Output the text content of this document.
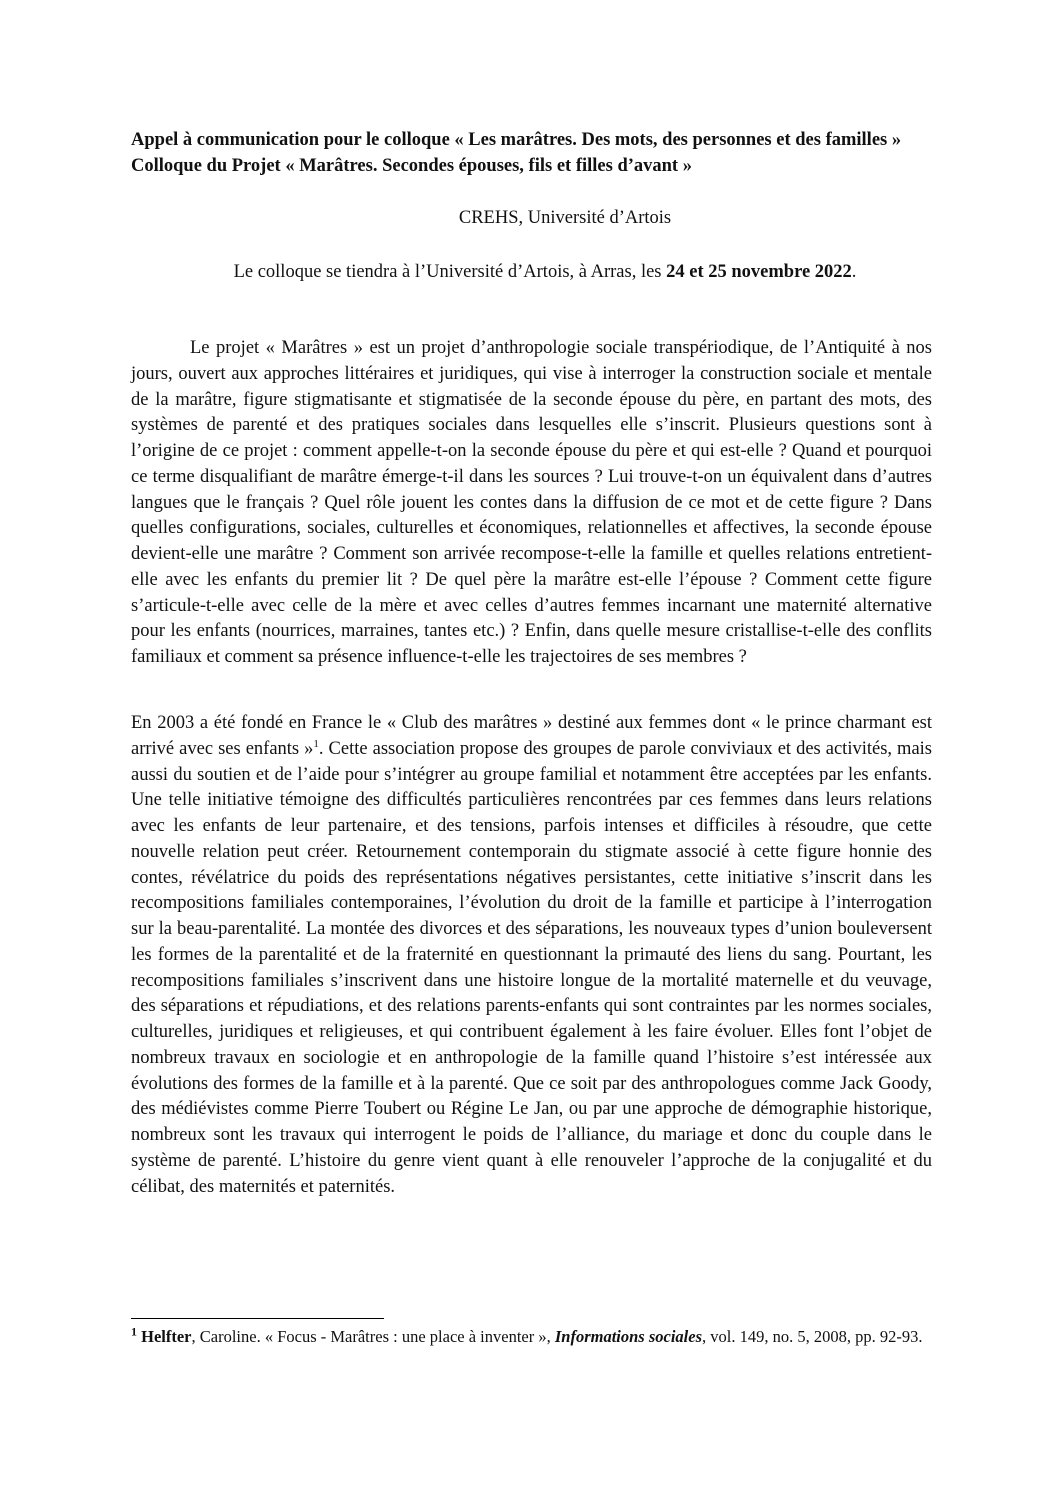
Appel à communication pour le colloque « Les marâtres. Des mots, des personnes et des familles »
Colloque du Projet « Marâtres. Secondes épouses, fils et filles d’avant »
CREHS, Université d’Artois
Le colloque se tiendra à l’Université d’Artois, à Arras, les 24 et 25 novembre 2022.

Le projet « Marâtres » est un projet d’anthropologie sociale transpériodique, de l’Antiquité à nos jours, ouvert aux approches littéraires et juridiques, qui vise à interroger la construction sociale et mentale de la marâtre, figure stigmatisante et stigmatisée de la seconde épouse du père, en partant des mots, des systèmes de parenté et des pratiques sociales dans lesquelles elle s’inscrit. Plusieurs questions sont à l’origine de ce projet : comment appelle-t-on la seconde épouse du père et qui est-elle ? Quand et pourquoi ce terme disqualifiant de marâtre émerge-t-il dans les sources ? Lui trouve-t-on un équivalent dans d’autres langues que le français ? Quel rôle jouent les contes dans la diffusion de ce mot et de cette figure ? Dans quelles configurations, sociales, culturelles et économiques, relationnelles et affectives, la seconde épouse devient-elle une marâtre ? Comment son arrivée recompose-t-elle la famille et quelles relations entretient-elle avec les enfants du premier lit ? De quel père la marâtre est-elle l’épouse ? Comment cette figure s’articule-t-elle avec celle de la mère et avec celles d’autres femmes incarnant une maternité alternative pour les enfants (nourrices, marraines, tantes etc.) ? Enfin, dans quelle mesure cristallise-t-elle des conflits familiaux et comment sa présence influence-t-elle les trajectoires de ses membres ?

En 2003 a été fondé en France le « Club des marâtres » destiné aux femmes dont « le prince charmant est arrivé avec ses enfants »$^1$. Cette association propose des groupes de parole conviviaux et des activités, mais aussi du soutien et de l’aide pour s’intégrer au groupe familial et notamment être acceptées par les enfants. Une telle initiative témoigne des difficultés particulières rencontrées par ces femmes dans leurs relations avec les enfants de leur partenaire, et des tensions, parfois intenses et difficiles à résoudre, que cette nouvelle relation peut créer. Retournement contemporain du stigmate associé à cette figure honnie des contes, révélatrice du poids des représentations négatives persistantes, cette initiative s’inscrit dans les recompositions familiales contemporaines, l’évolution du droit de la famille et participe à l’interrogation sur la beau-parentalité. La montée des divorces et des séparations, les nouveaux types d’union bouleversent les formes de la parentalité et de la fraternité en questionnant la primauté des liens du sang. Pourtant, les recompositions familiales s’inscrivent dans une histoire longue de la mortalité maternelle et du veuvage, des séparations et répudiations, et des relations parents-enfants qui sont contraintes par les normes sociales, culturelles, juridiques et religieuses, et qui contribuent également à les faire évoluer. Elles font l’objet de nombreux travaux en sociologie et en anthropologie de la famille quand l’histoire s’est intéressée aux évolutions des formes de la famille et à la parenté. Que ce soit par des anthropologues comme Jack Goody, des médiévistes comme Pierre Toubert ou Régine Le Jan, ou par une approche de démographie historique, nombreux sont les travaux qui interrogent le poids de l’alliance, du mariage et donc du couple dans le système de parenté. L’histoire du genre vient quant à elle renouveler l’approche de la conjugalité et du célibat, des maternités et paternités.

$^1$ Helfter, Caroline. « Focus - Marâtres : une place à inventer », Informations sociales, vol. 149, no. 5, 2008, pp. 92-93.
